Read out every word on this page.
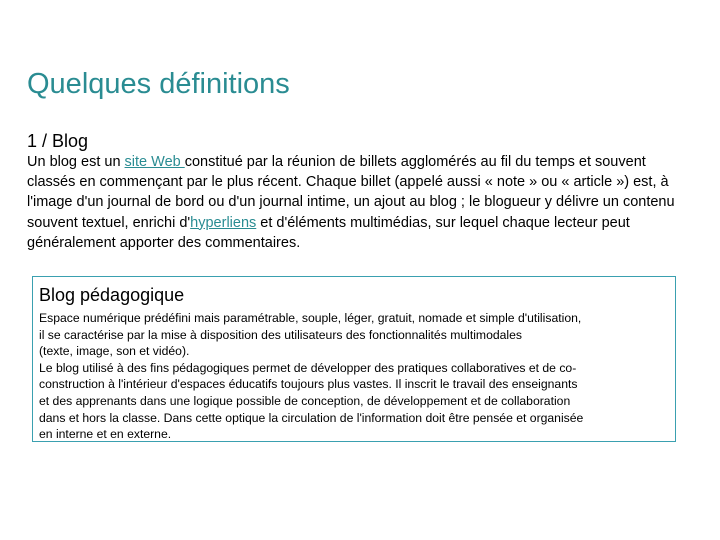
Quelques définitions
1 / Blog

Un blog est un site Web constitué par la réunion de billets agglomérés au fil du temps et souvent classés en commençant par le plus récent. Chaque billet (appelé aussi « note » ou « article ») est, à l'image d'un journal de bord ou d'un journal intime, un ajout au blog ; le blogueur y délivre un contenu souvent textuel, enrichi d'hyperliens et d'éléments multimédias, sur lequel chaque lecteur peut généralement apporter des commentaires.

Blog pédagogique

Espace numérique prédéfini mais paramétrable, souple, léger, gratuit, nomade et simple d'utilisation,
il se caractérise par la mise à disposition des utilisateurs des fonctionnalités multimodales
(texte, image, son et vidéo).
Le blog utilisé à des fins pédagogiques permet de développer des pratiques collaboratives et de co-
construction à l'intérieur d'espaces éducatifs toujours plus vastes. Il inscrit le travail des enseignants
et des apprenants dans une logique possible de conception, de développement et de collaboration
dans et hors la classe. Dans cette optique la circulation de l'information doit être pensée et organisée
en interne et en externe.
